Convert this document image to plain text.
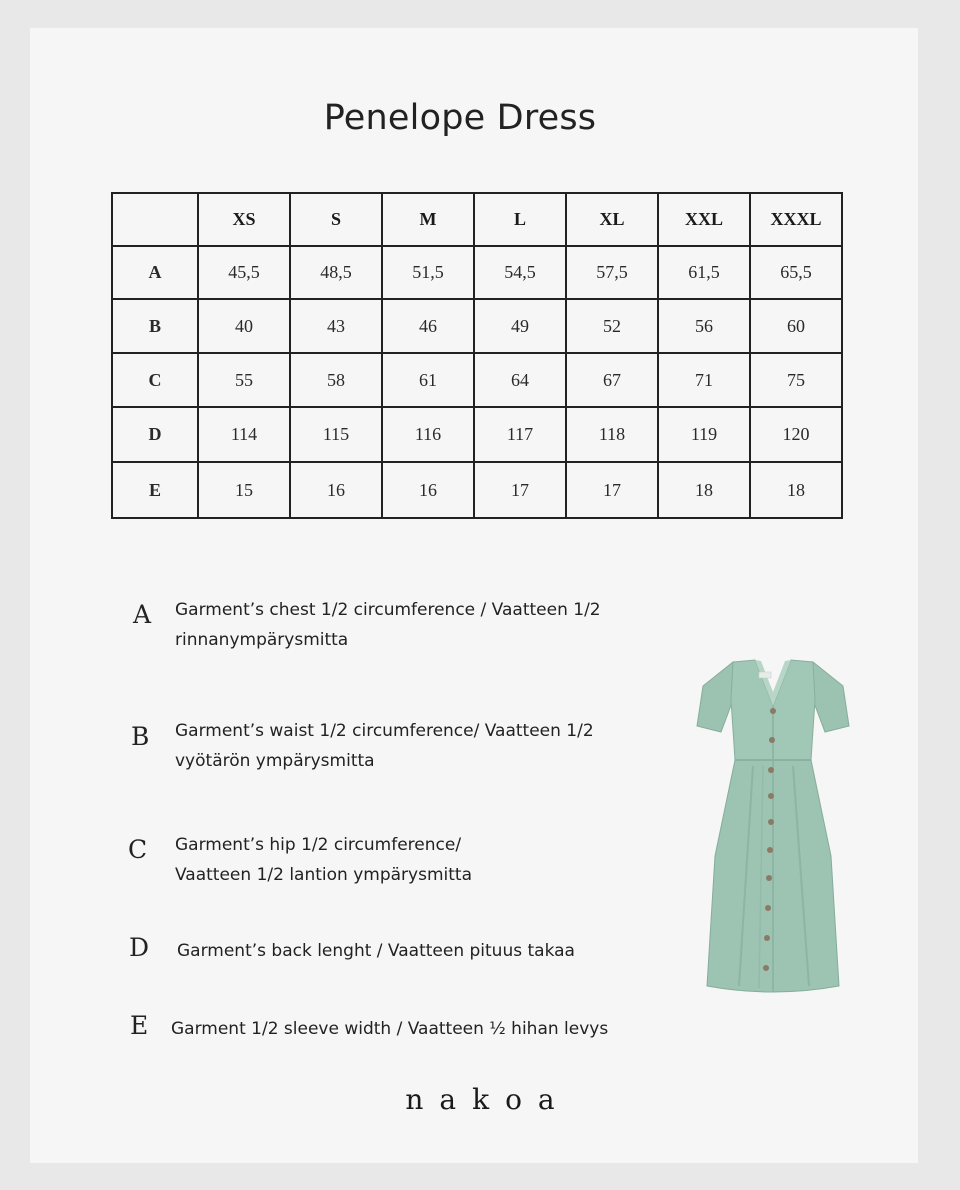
Penelope Dress
	XS	S	M	L	XL	XXL	XXXL
A	45,5	48,5	51,5	54,5	57,5	61,5	65,5
B	40	43	46	49	52	56	60
C	55	58	61	64	67	71	75
D	114	115	116	117	118	119	120
E	15	16	16	17	17	18	18
A Garment’s chest 1/2 circumference / Vaatteen 1/2
rinnanympärysmitta
B Garment’s waist 1/2 circumference/ Vaatteen 1/2
vyötärön ympärysmitta
C Garment’s hip 1/2 circumference/
Vaatteen 1/2 lantion ympärysmitta
D Garment’s back lenght / Vaatteen pituus takaa
E Garment 1/2 sleeve width / Vaatteen ½ hihan levys
nakoa
